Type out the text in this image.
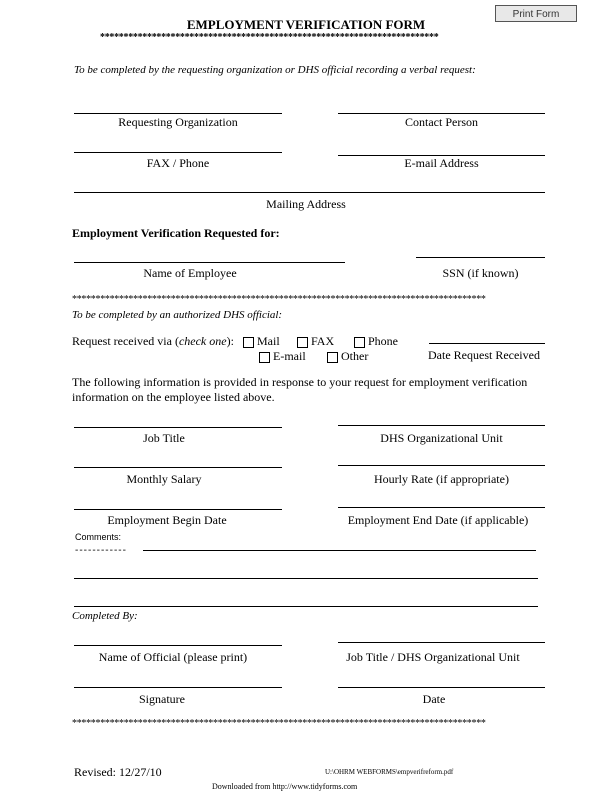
Print Form
EMPLOYMENT VERIFICATION FORM
************************************************************************
To be completed by the requesting organization or DHS official recording a verbal request:
Requesting Organization	Contact Person
FAX / Phone	E-mail Address
Mailing Address
Employment Verification Requested for:
Name of Employee	SSN (if known)
****************************************************************************************
To be completed by an authorized DHS official:
Request received via (check one):	Mail	FAX	Phone
E-mail	Other	Date Request Received
The following information is provided in response to your request for employment verification information on the employee listed above.
Job Title	DHS Organizational Unit
Monthly Salary	Hourly Rate (if appropriate)
Employment Begin Date	Employment End Date (if applicable)
Comments:
------------
Completed By:
Name of Official (please print)	Job Title / DHS Organizational Unit
Signature	Date
****************************************************************************************
Revised: 12/27/10	U:\OHRM WEBFORMS\empverifreform.pdf
Downloaded from http://www.tidyforms.com
